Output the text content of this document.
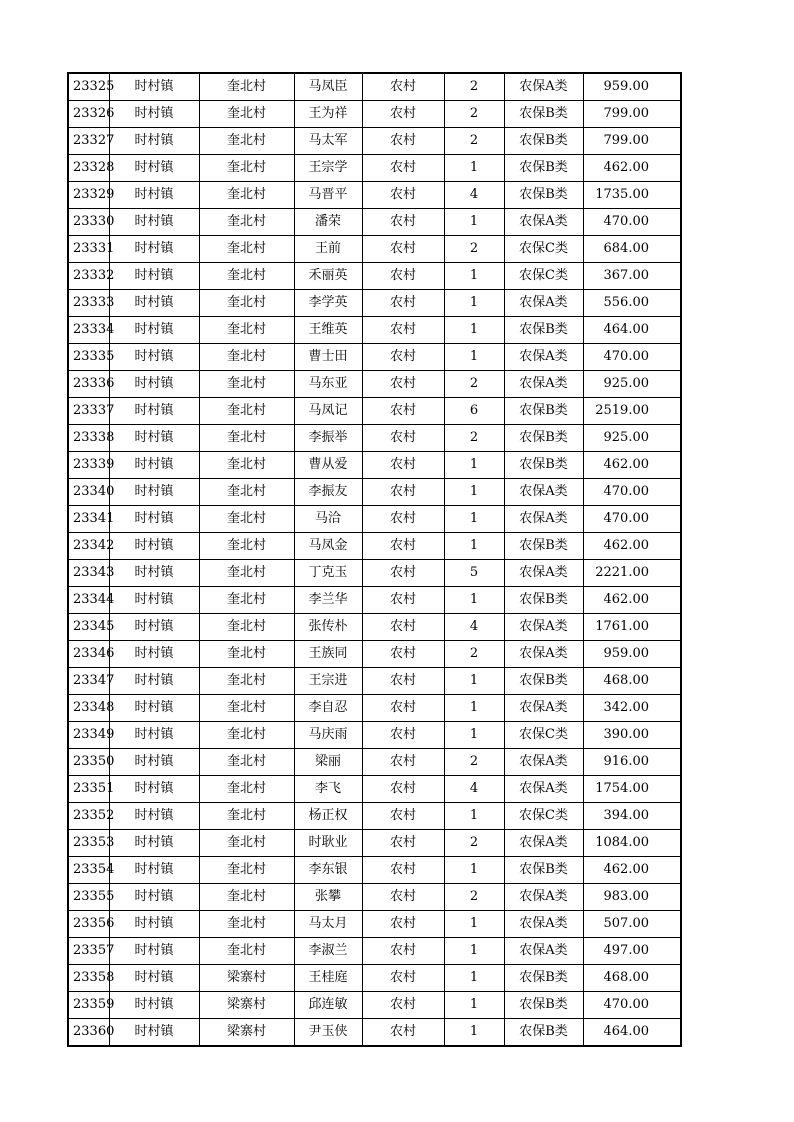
23325	时村镇	奎北村	马凤臣	农村	2	农保A类	959.00
23326	时村镇	奎北村	王为祥	农村	2	农保B类	799.00
23327	时村镇	奎北村	马太军	农村	2	农保B类	799.00
23328	时村镇	奎北村	王宗学	农村	1	农保B类	462.00
23329	时村镇	奎北村	马晋平	农村	4	农保B类	1735.00
23330	时村镇	奎北村	潘荣	农村	1	农保A类	470.00
23331	时村镇	奎北村	王前	农村	2	农保C类	684.00
23332	时村镇	奎北村	禾丽英	农村	1	农保C类	367.00
23333	时村镇	奎北村	李学英	农村	1	农保A类	556.00
23334	时村镇	奎北村	王维英	农村	1	农保B类	464.00
23335	时村镇	奎北村	曹士田	农村	1	农保A类	470.00
23336	时村镇	奎北村	马东亚	农村	2	农保A类	925.00
23337	时村镇	奎北村	马凤记	农村	6	农保B类	2519.00
23338	时村镇	奎北村	李振举	农村	2	农保B类	925.00
23339	时村镇	奎北村	曹从爱	农村	1	农保B类	462.00
23340	时村镇	奎北村	李振友	农村	1	农保A类	470.00
23341	时村镇	奎北村	马洽	农村	1	农保A类	470.00
23342	时村镇	奎北村	马凤金	农村	1	农保B类	462.00
23343	时村镇	奎北村	丁克玉	农村	5	农保A类	2221.00
23344	时村镇	奎北村	李兰华	农村	1	农保B类	462.00
23345	时村镇	奎北村	张传朴	农村	4	农保A类	1761.00
23346	时村镇	奎北村	王族同	农村	2	农保A类	959.00
23347	时村镇	奎北村	王宗进	农村	1	农保B类	468.00
23348	时村镇	奎北村	李自忍	农村	1	农保A类	342.00
23349	时村镇	奎北村	马庆雨	农村	1	农保C类	390.00
23350	时村镇	奎北村	梁丽	农村	2	农保A类	916.00
23351	时村镇	奎北村	李飞	农村	4	农保A类	1754.00
23352	时村镇	奎北村	杨正权	农村	1	农保C类	394.00
23353	时村镇	奎北村	时耿业	农村	2	农保A类	1084.00
23354	时村镇	奎北村	李东银	农村	1	农保B类	462.00
23355	时村镇	奎北村	张攀	农村	2	农保A类	983.00
23356	时村镇	奎北村	马太月	农村	1	农保A类	507.00
23357	时村镇	奎北村	李淑兰	农村	1	农保A类	497.00
23358	时村镇	梁寨村	王桂庭	农村	1	农保B类	468.00
23359	时村镇	梁寨村	邱连敏	农村	1	农保B类	470.00
23360	时村镇	梁寨村	尹玉侠	农村	1	农保B类	464.00
